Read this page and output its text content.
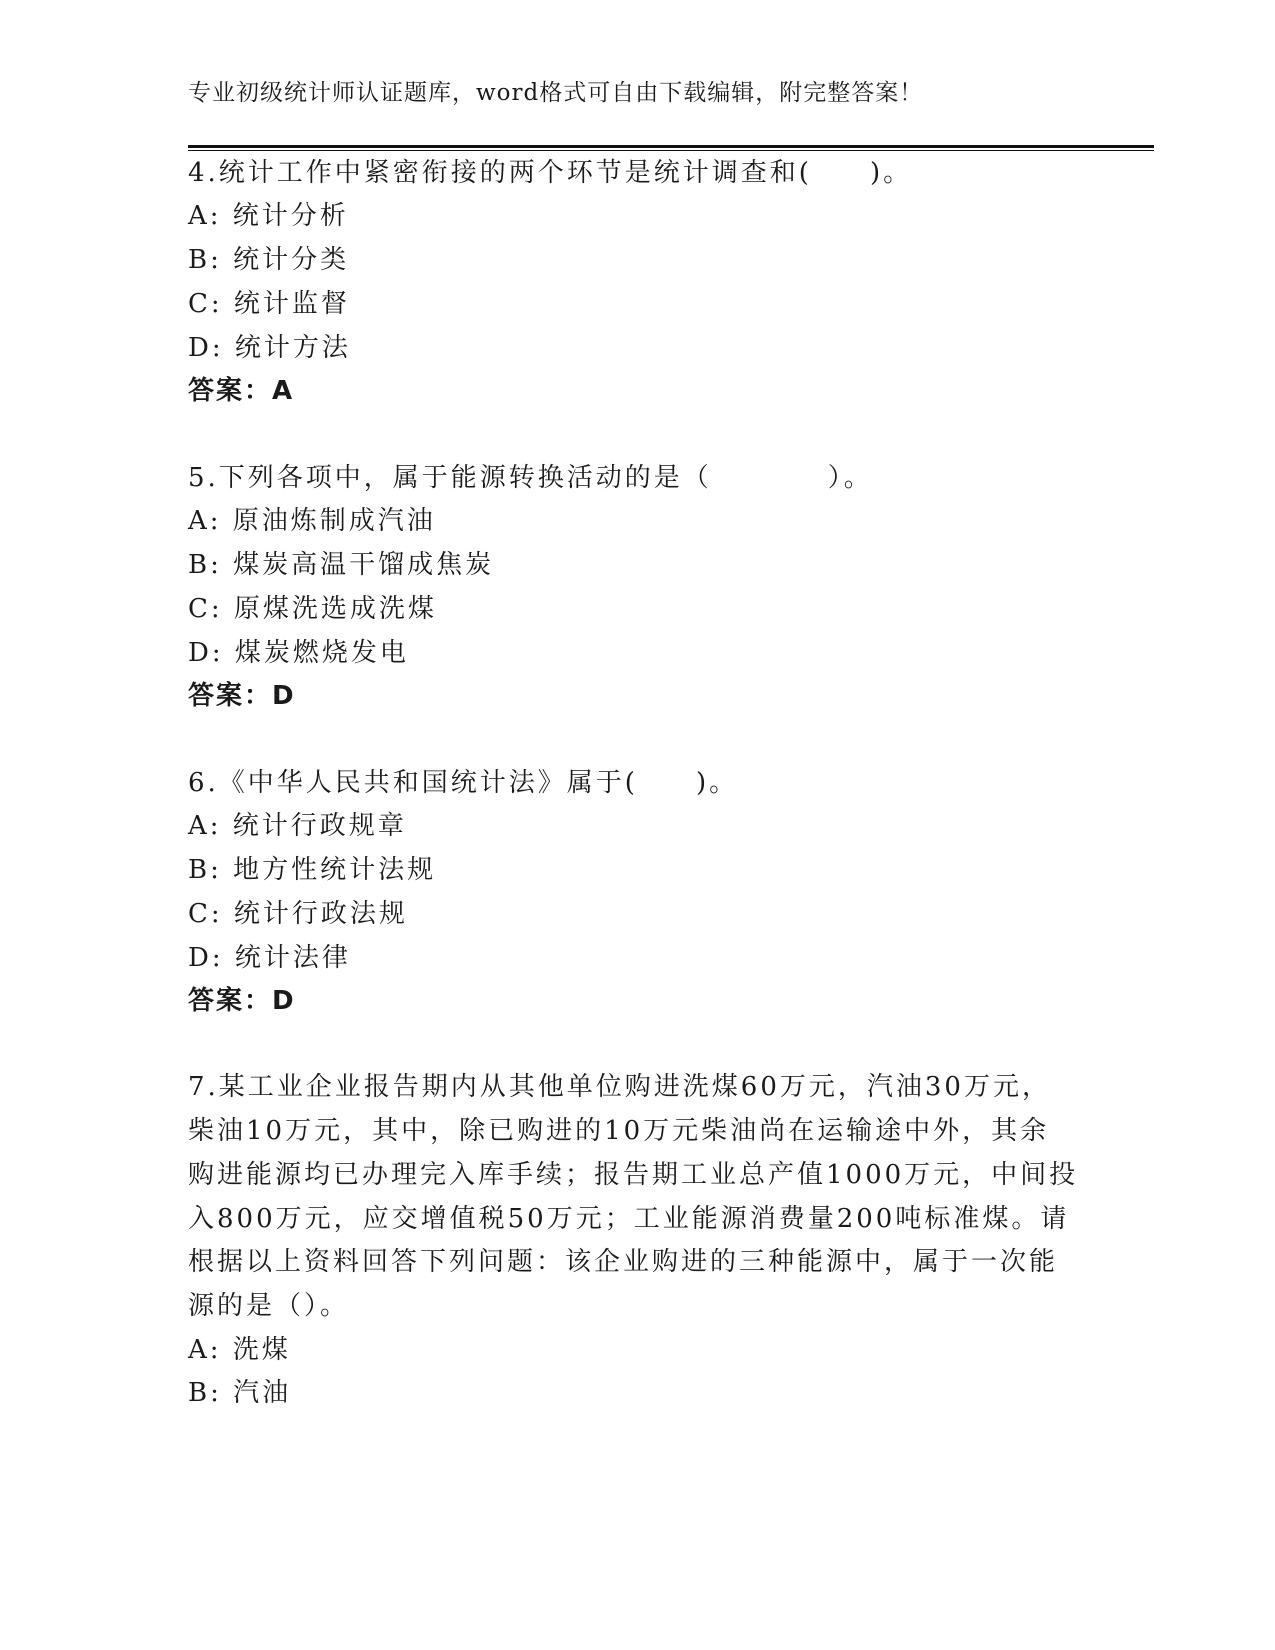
专业初级统计师认证题库，word格式可自由下载编辑，附完整答案！
4.统计工作中紧密衔接的两个环节是统计调查和(　　)。
A: 统计分析
B: 统计分类
C: 统计监督
D: 统计方法
答案：A
5.下列各项中，属于能源转换活动的是（　　　　）。
A: 原油炼制成汽油
B: 煤炭高温干馏成焦炭
C: 原煤洗选成洗煤
D: 煤炭燃烧发电
答案：D
6.《中华人民共和国统计法》属于(　　)。
A: 统计行政规章
B: 地方性统计法规
C: 统计行政法规
D: 统计法律
答案：D
7.某工业企业报告期内从其他单位购进洗煤60万元，汽油30万元，
柴油10万元，其中，除已购进的10万元柴油尚在运输途中外，其余
购进能源均已办理完入库手续；报告期工业总产值1000万元，中间投
入800万元，应交增值税50万元；工业能源消费量200吨标准煤。请
根据以上资料回答下列问题：该企业购进的三种能源中，属于一次能
源的是（）。
A: 洗煤
B: 汽油
